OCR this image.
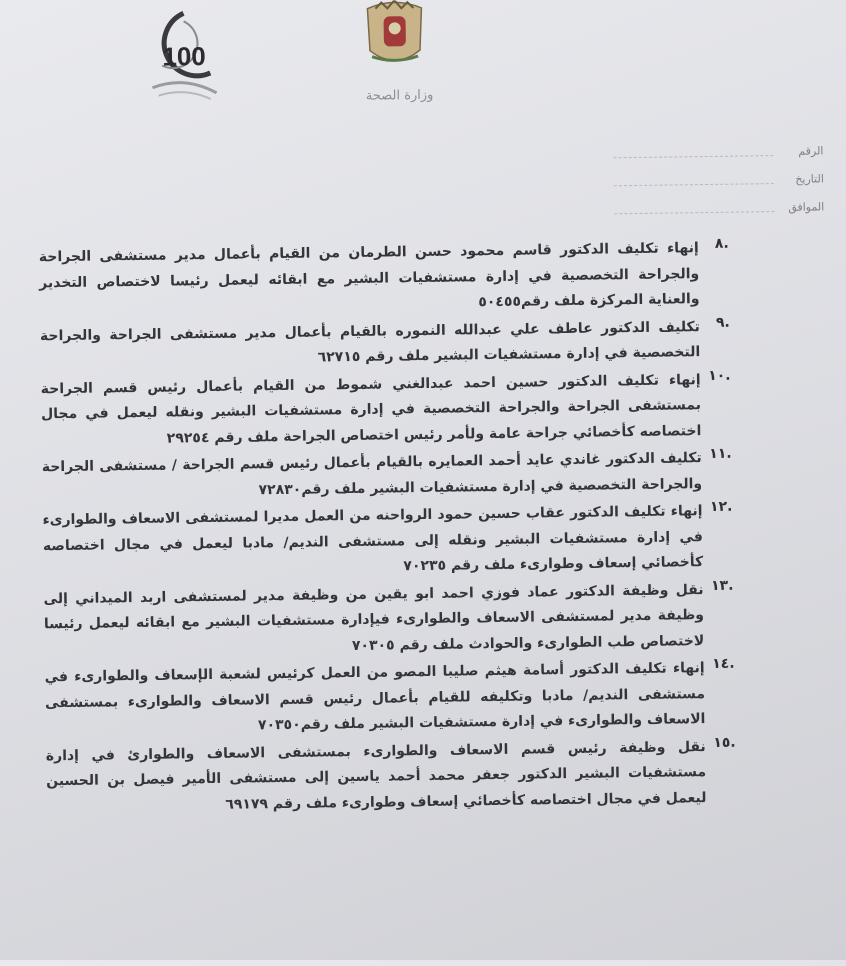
100
وزارة الصحة
الرقم
التاريخ
الموافق
٨.
إنهاء تكليف الدكتور قاسم محمود حسن الطرمان من القيام بأعمال مدير مستشفى الجراحة والجراحة التخصصية في إدارة مستشفيات البشير مع ابقائه ليعمل رئيسا لاختصاص التخدير والعناية المركزة ملف رقم٥٠٤٥٥
٩.
تكليف الدكتور عاطف علي عبدالله النموره بالقيام بأعمال مدير مستشفى الجراحة والجراحة التخصصية في إدارة مستشفيات البشير ملف رقم ٦٢٧١٥
١٠.
إنهاء تكليف الدكتور حسين احمد عبدالغني شموط من القيام بأعمال رئيس قسم الجراحة بمستشفى الجراحة والجراحة التخصصية في إدارة مستشفيات البشير ونقله ليعمل في مجال اختصاصه كأخصائي جراحة عامة ولأمر رئيس اختصاص الجراحة ملف رقم ٢٩٢٥٤
١١.
تكليف الدكتور غاندي عايد أحمد العمايره بالقيام بأعمال رئيس قسم الجراحة / مستشفى الجراحة والجراحة التخصصية في إدارة مستشفيات البشير ملف رقم٧٢٨٣٠
١٢.
إنهاء تكليف الدكتور عقاب حسين حمود الرواحنه من العمل مديرا لمستشفى الاسعاف والطوارىء في إدارة مستشفيات البشير ونقله إلى مستشفى النديم/ مادبا ليعمل في مجال اختصاصه كأخصائي إسعاف وطوارىء ملف رقم ٧٠٢٣٥
١٣.
نقل وظيفة الدكتور عماد فوزي احمد ابو يقين من وظيفة مدير لمستشفى اربد الميداني إلى وظيفة مدير لمستشفى الاسعاف والطوارىء فيإدارة مستشفيات البشير مع ابقائه ليعمل رئيسا لاختصاص طب الطوارىء والحوادث ملف رقم ٧٠٣٠٥
١٤.
إنهاء تكليف الدكتور أسامة هيثم صليبا المصو من العمل كرئيس لشعبة الإسعاف والطوارىء في مستشفى النديم/ مادبا وتكليفه للقيام بأعمال رئيس قسم الاسعاف والطوارىء بمستشفى الاسعاف والطوارىء في إدارة مستشفيات البشير ملف رقم٧٠٣٥٠
١٥.
نقل وظيفة رئيس قسم الاسعاف والطوارىء بمستشفى الاسعاف والطوارئ في إدارة مستشفيات البشير الدكتور جعفر محمد أحمد ياسين إلى مستشفى الأمير فيصل بن الحسين ليعمل في مجال اختصاصه كأخصائي إسعاف وطوارىء ملف رقم ٦٩١٧٩
